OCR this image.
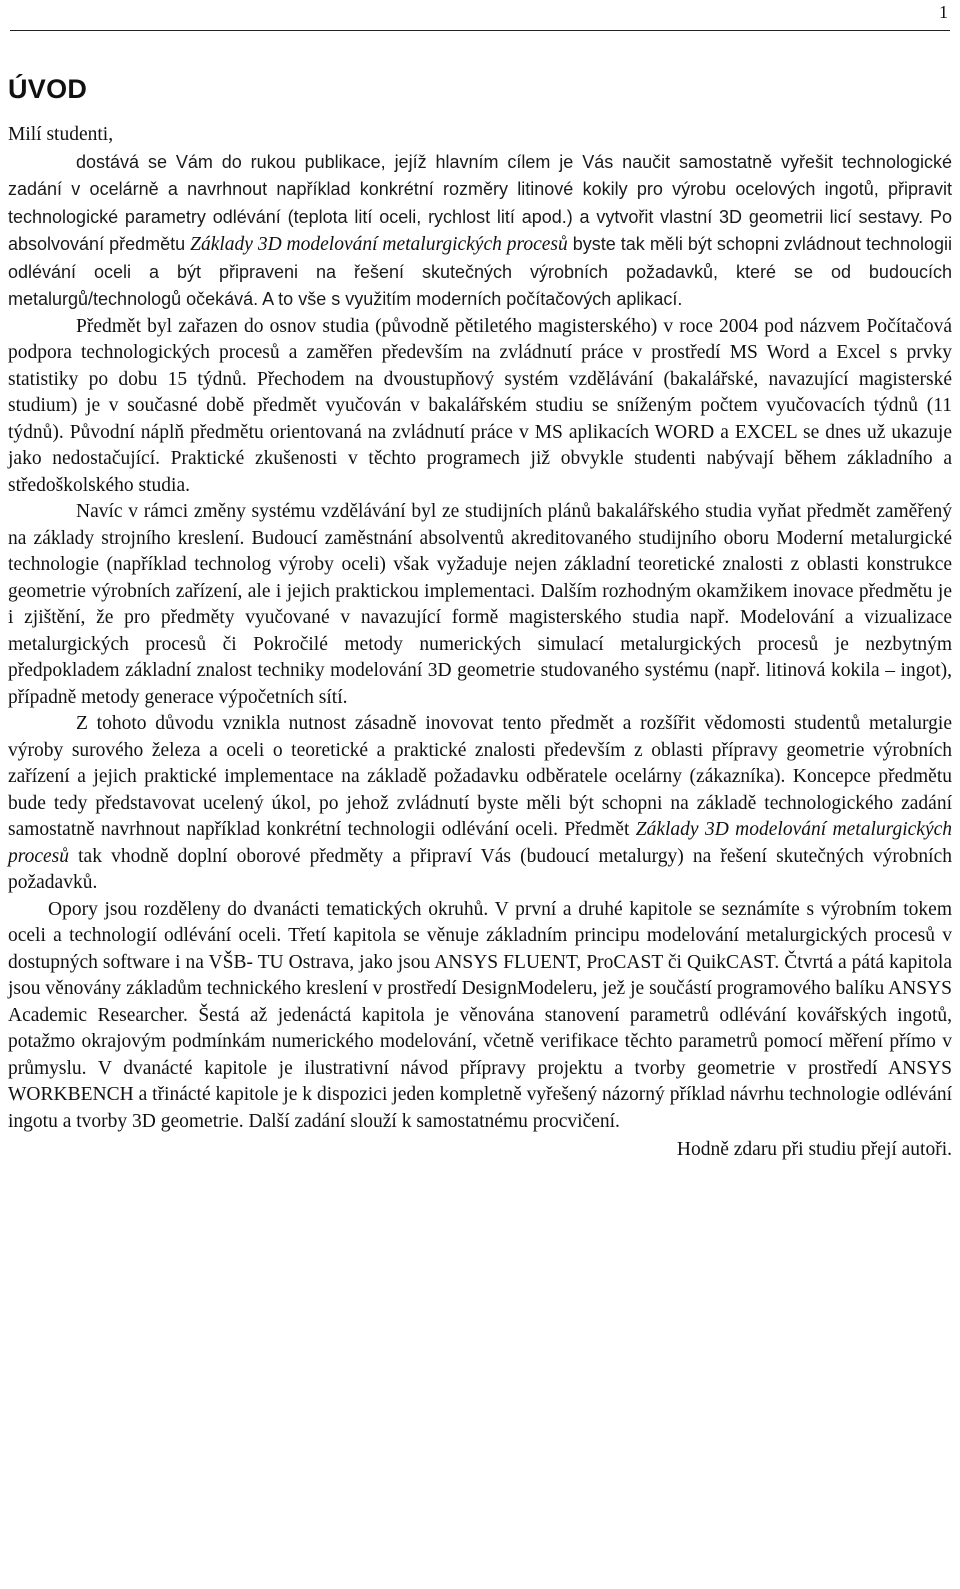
1
ÚVOD

Milí studenti,

dostává se Vám do rukou publikace, jejíž hlavním cílem je Vás naučit samostatně vyřešit technologické zadání v ocelárně a navrhnout například konkrétní rozměry litinové kokily pro výrobu ocelových ingotů, připravit technologické parametry odlévání (teplota lití oceli, rychlost lití apod.) a vytvořit vlastní 3D geometrii licí sestavy. Po absolvování předmětu Základy 3D modelování metalurgických procesů byste tak měli být schopni zvládnout technologii odlévání oceli a být připraveni na řešení skutečných výrobních požadavků, které se od budoucích metalurgů/technologů očekává. A to vše s využitím moderních počítačových aplikací.

Předmět byl zařazen do osnov studia (původně pětiletého magisterského) v roce 2004 pod názvem Počítačová podpora technologických procesů a zaměřen především na zvládnutí práce v prostředí MS Word a Excel s prvky statistiky po dobu 15 týdnů. Přechodem na dvoustupňový systém vzdělávání (bakalářské, navazující magisterské studium) je v současné době předmět vyučován v bakalářském studiu se sníženým počtem vyučovacích týdnů (11 týdnů). Původní náplň předmětu orientovaná na zvládnutí práce v MS aplikacích WORD a EXCEL se dnes už ukazuje jako nedostačující. Praktické zkušenosti v těchto programech již obvykle studenti nabývají během základního a středoškolského studia.

Navíc v rámci změny systému vzdělávání byl ze studijních plánů bakalářského studia vyňat předmět zaměřený na základy strojního kreslení. Budoucí zaměstnání absolventů akreditovaného studijního oboru Moderní metalurgické technologie (například technolog výroby oceli) však vyžaduje nejen základní teoretické znalosti z oblasti konstrukce geometrie výrobních zařízení, ale i jejich praktickou implementaci. Dalším rozhodným okamžikem inovace předmětu je i zjištění, že pro předměty vyučované v navazující formě magisterského studia např. Modelování a vizualizace metalurgických procesů či Pokročilé metody numerických simulací metalurgických procesů je nezbytným předpokladem základní znalost techniky modelování 3D geometrie studovaného systému (např. litinová kokila – ingot), případně metody generace výpočetních sítí.

Z tohoto důvodu vznikla nutnost zásadně inovovat tento předmět a rozšířit vědomosti studentů metalurgie výroby surového železa a oceli o teoretické a praktické znalosti především z oblasti přípravy geometrie výrobních zařízení a jejich praktické implementace na základě požadavku odběratele ocelárny (zákazníka). Koncepce předmětu bude tedy představovat ucelený úkol, po jehož zvládnutí byste měli být schopni na základě technologického zadání samostatně navrhnout například konkrétní technologii odlévání oceli. Předmět Základy 3D modelování metalurgických procesů tak vhodně doplní oborové předměty a připraví Vás (budoucí metalurgy) na řešení skutečných výrobních požadavků.

Opory jsou rozděleny do dvanácti tematických okruhů. V první a druhé kapitole se seznámíte s výrobním tokem oceli a technologií odlévání oceli. Třetí kapitola se věnuje základním principu modelování metalurgických procesů v dostupných software i na VŠB- TU Ostrava, jako jsou ANSYS FLUENT, ProCAST či QuikCAST. Čtvrtá a pátá kapitola jsou věnovány základům technického kreslení v prostředí DesignModeleru, jež je součástí programového balíku ANSYS Academic Researcher. Šestá až jedenáctá kapitola je věnována stanovení parametrů odlévání kovářských ingotů, potažmo okrajovým podmínkám numerického modelování, včetně verifikace těchto parametrů pomocí měření přímo v průmyslu. V dvanácté kapitole je ilustrativní návod přípravy projektu a tvorby geometrie v prostředí ANSYS WORKBENCH a třinácté kapitole je k dispozici jeden kompletně vyřešený názorný příklad návrhu technologie odlévání ingotu a tvorby 3D geometrie. Další zadání slouží k samostatnému procvičení.

Hodně zdaru při studiu přejí autoři.
